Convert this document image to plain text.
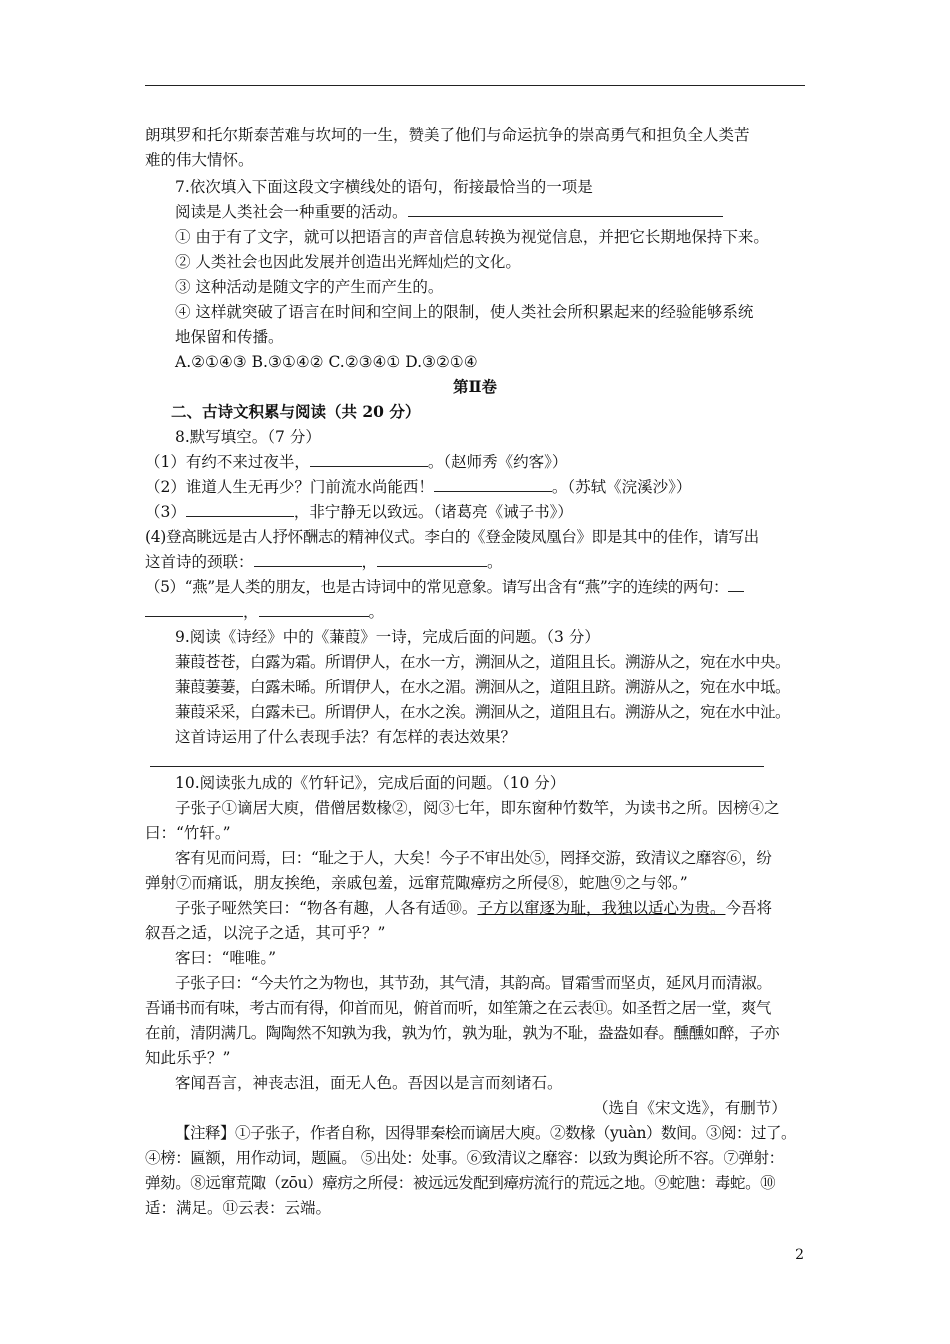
朗琪罗和托尔斯泰苦难与坎坷的一生，赞美了他们与命运抗争的崇高勇气和担负全人类苦
难的伟大情怀。
7.依次填入下面这段文字横线处的语句，衔接最恰当的一项是
阅读是人类社会一种重要的活动。
① 由于有了文字，就可以把语言的声音信息转换为视觉信息，并把它长期地保持下来。
② 人类社会也因此发展并创造出光辉灿烂的文化。
③ 这种活动是随文字的产生而产生的。
④ 这样就突破了语言在时间和空间上的限制，使人类社会所积累起来的经验能够系统
地保留和传播。
A.②①④③ B.③①④② C.②③④① D.③②①④
第Ⅱ卷
二、古诗文积累与阅读（共 20 分）
8.默写填空。（7 分）
（1）有约不来过夜半，	。（赵师秀《约客》）
（2）谁道人生无再少？门前流水尚能西！	。（苏轼《浣溪沙》）
（3）	，非宁静无以致远。（诸葛亮《诫子书》）
(4)登高眺远是古人抒怀酬志的精神仪式。李白的《登金陵凤凰台》即是其中的佳作，请写出
这首诗的颈联：	，	。
（5）“燕”是人类的朋友，也是古诗词中的常见意象。请写出含有“燕”字的连续的两句：
，	。
9.阅读《诗经》中的《蒹葭》一诗，完成后面的问题。（3 分）
蒹葭苍苍，白露为霜。所谓伊人，在水一方，溯洄从之，道阻且长。溯游从之，宛在水中央。
蒹葭萋萋，白露未晞。所谓伊人，在水之湄。溯洄从之，道阻且跻。溯游从之，宛在水中坻。
蒹葭采采，白露未已。所谓伊人，在水之涘。溯洄从之，道阻且右。溯游从之，宛在水中沚。
这首诗运用了什么表现手法？有怎样的表达效果？
10.阅读张九成的《竹轩记》，完成后面的问题。（10 分）
子张子①谪居大庾，借僧居数椽②，阅③七年，即东窗种竹数竿，为读书之所。因榜④之
曰：“竹轩。”
客有见而问焉，曰：“耻之于人，大矣！今子不审出处⑤，罔择交游，致清议之靡容⑥，纷
弹射⑦而痛诋，朋友挨绝，亲戚包羞，远窜荒陬瘴疠之所侵⑧，蛇虺⑨之与邻。”
子张子哑然笑曰：“物各有趣，人各有适⑩。子方以窜逐为耻，我独以适心为贵。今吾将
叙吾之适，以浣子之适，其可乎？”
客曰：“唯唯。”
子张子曰：“今夫竹之为物也，其节劲，其气清，其韵高。冒霜雪而坚贞，延风月而清淑。
吾诵书而有味，考古而有得，仰首而见，俯首而听，如笙箫之在云表⑪。如圣哲之居一堂，爽气
在前，清阴满几。陶陶然不知孰为我，孰为竹，孰为耻，孰为不耻，盎盎如春。醺醺如醉，子亦
知此乐乎？”
客闻吾言，神丧志沮，面无人色。吾因以是言而刻诸石。
（选自《宋文选》，有删节）
【注释】①子张子，作者自称，因得罪秦桧而谪居大庾。②数椽（yuàn）数间。③阅：过了。
④榜：匾额，用作动词，题匾。 ⑤出处：处事。⑥致清议之靡容：以致为舆论所不容。⑦弹射：
弹劾。⑧远窜荒陬（zōu）瘴疠之所侵：被远远发配到瘴疠流行的荒远之地。⑨蛇虺：毒蛇。⑩
适：满足。⑪云表：云端。
2
